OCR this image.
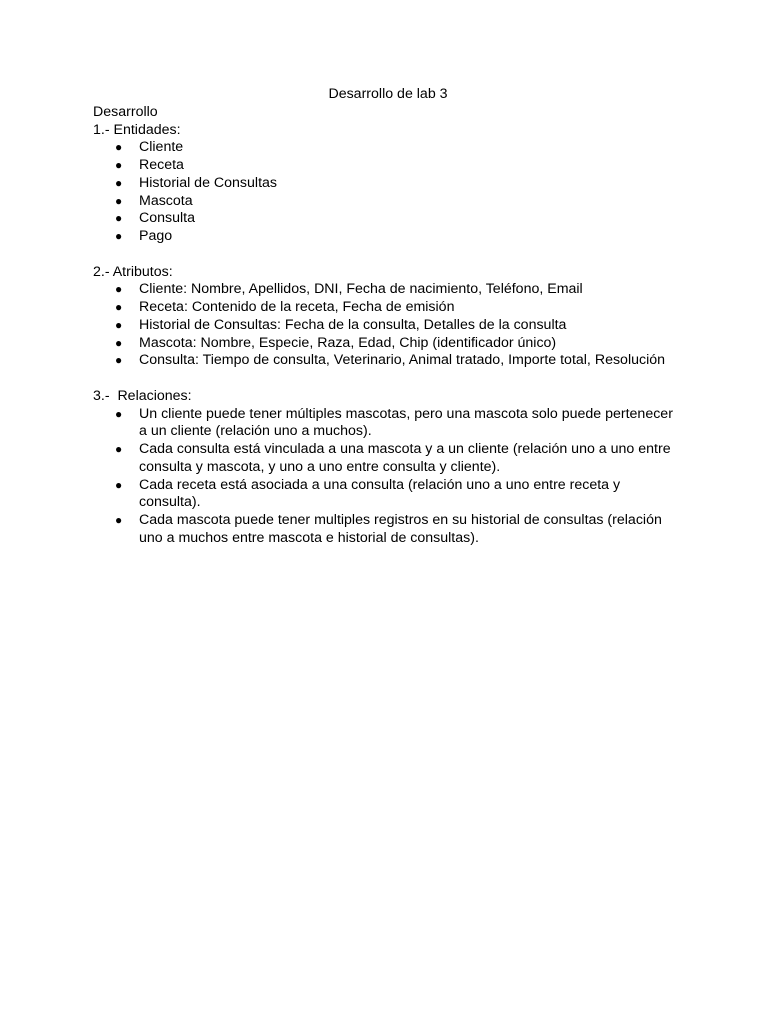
Desarrollo de lab 3

Desarrollo

1.- Entidades:

● Cliente
● Receta
● Historial de Consultas
● Mascota
● Consulta
● Pago

2.- Atributos:

● Cliente: Nombre, Apellidos, DNI, Fecha de nacimiento, Teléfono, Email
● Receta: Contenido de la receta, Fecha de emisión
● Historial de Consultas: Fecha de la consulta, Detalles de la consulta
● Mascota: Nombre, Especie, Raza, Edad, Chip (identificador único)
● Consulta: Tiempo de consulta, Veterinario, Animal tratado, Importe total, Resolución

3.-  Relaciones:

● Un cliente puede tener múltiples mascotas, pero una mascota solo puede pertenecer a un cliente (relación uno a muchos).
● Cada consulta está vinculada a una mascota y a un cliente (relación uno a uno entre consulta y mascota, y uno a uno entre consulta y cliente).
● Cada receta está asociada a una consulta (relación uno a uno entre receta y consulta).
● Cada mascota puede tener multiples registros en su historial de consultas (relación uno a muchos entre mascota e historial de consultas).
